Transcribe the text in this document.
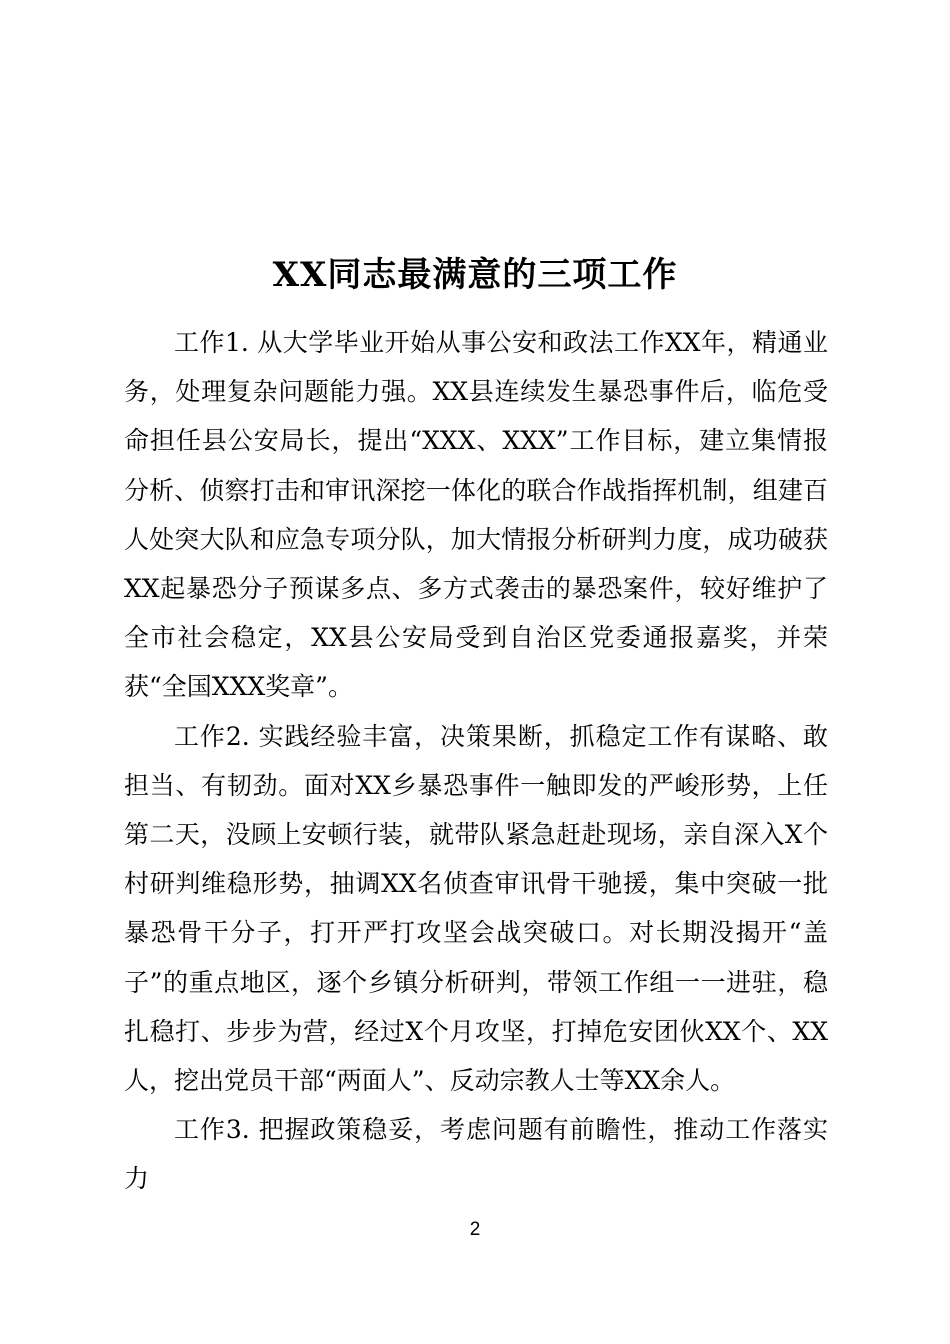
XX同志最满意的三项工作

工作1. 从大学毕业开始从事公安和政法工作XX年，精通业务，处理复杂问题能力强。XX县连续发生暴恐事件后，临危受命担任县公安局长，提出“XXX、XXX”工作目标，建立集情报分析、侦察打击和审讯深挖一体化的联合作战指挥机制，组建百人处突大队和应急专项分队，加大情报分析研判力度，成功破获XX起暴恐分子预谋多点、多方式袭击的暴恐案件，较好维护了全市社会稳定，XX县公安局受到自治区党委通报嘉奖，并荣获“全国XXX奖章”。

工作2. 实践经验丰富，决策果断，抓稳定工作有谋略、敢担当、有韧劲。面对XX乡暴恐事件一触即发的严峻形势，上任第二天，没顾上安顿行装，就带队紧急赶赴现场，亲自深入X个村研判维稳形势，抽调XX名侦查审讯骨干驰援，集中突破一批暴恐骨干分子，打开严打攻坚会战突破口。对长期没揭开“盖子”的重点地区，逐个乡镇分析研判，带领工作组一一进驻，稳扎稳打、步步为营，经过X个月攻坚，打掉危安团伙XX个、XX人，挖出党员干部“两面人”、反动宗教人士等XX余人。

工作3. 把握政策稳妥，考虑问题有前瞻性，推动工作落实力

2
